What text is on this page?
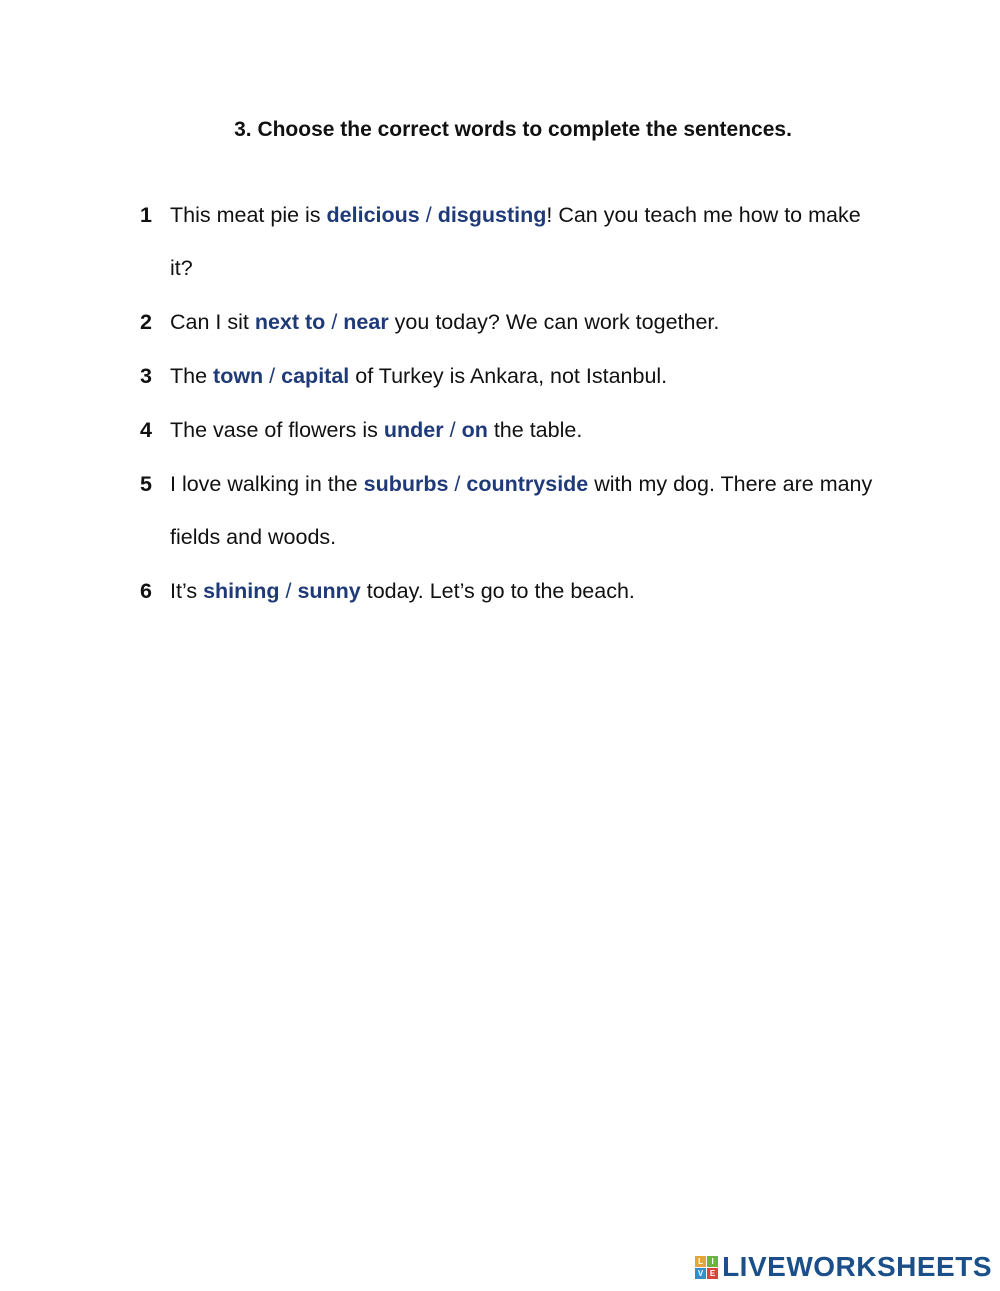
3. Choose the correct words to complete the sentences.
1 This meat pie is delicious / disgusting! Can you teach me how to make it?
2 Can I sit next to / near you today? We can work together.
3 The town / capital of Turkey is Ankara, not Istanbul.
4 The vase of flowers is under / on the table.
5 I love walking in the suburbs / countryside with my dog. There are many fields and woods.
6 It’s shining / sunny today. Let’s go to the beach.
L	I
V E LIVEWORKSHEETS
